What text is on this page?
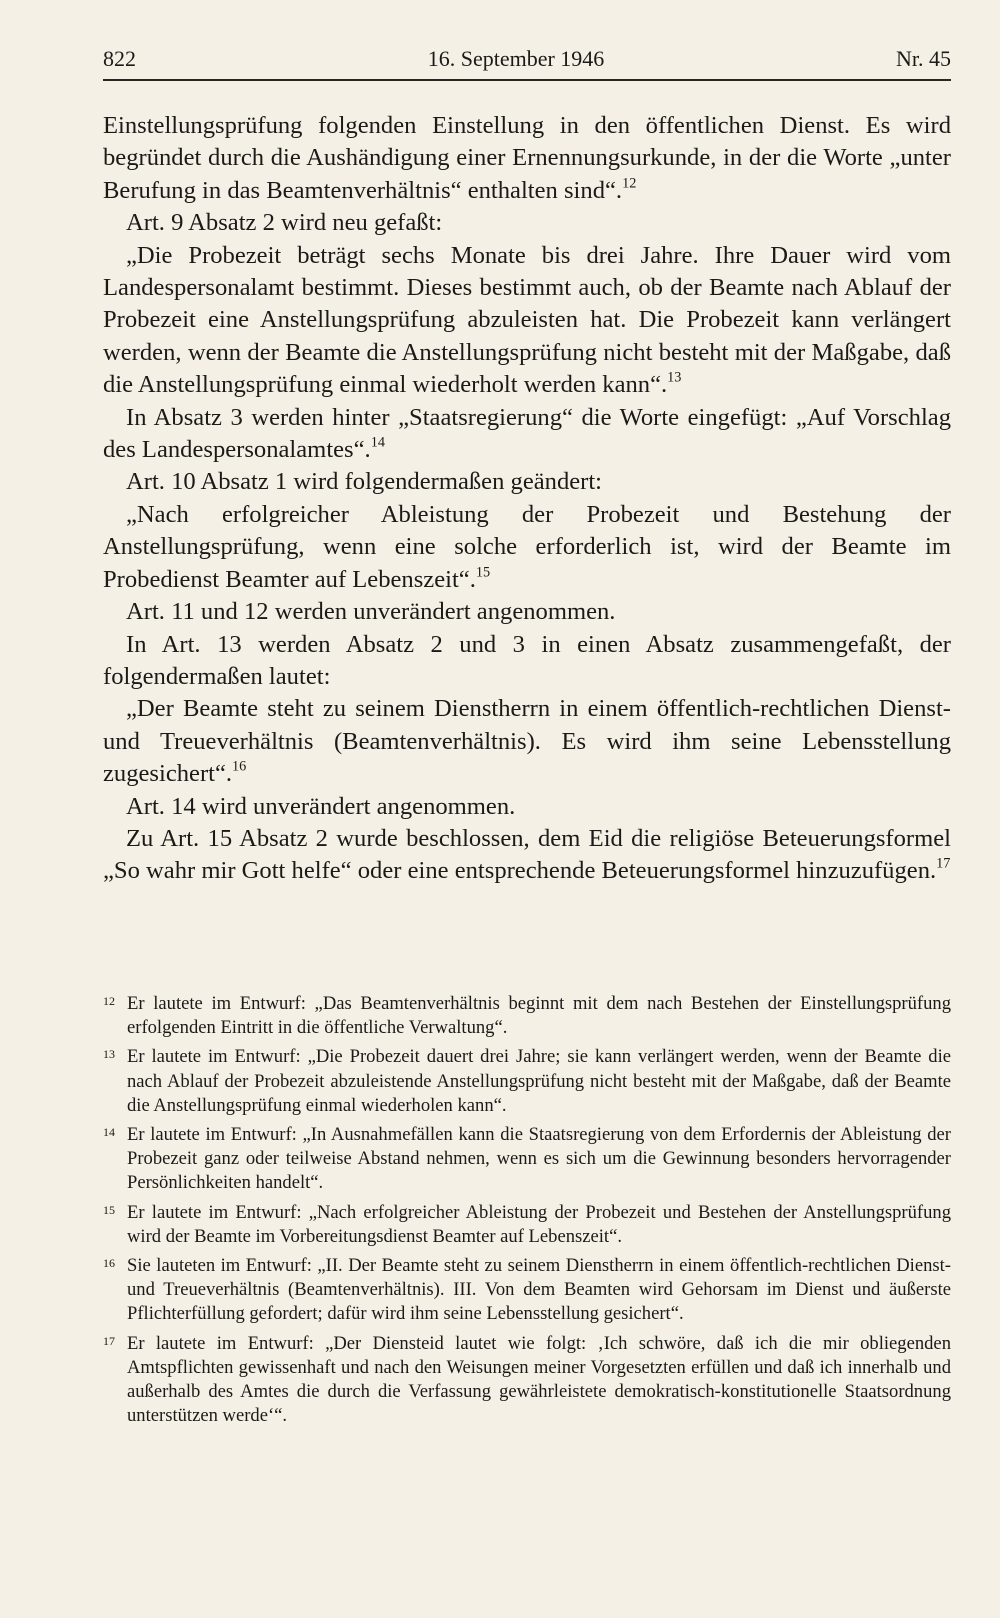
822	16. September 1946	Nr. 45

Einstellungsprüfung folgenden Einstellung in den öffentlichen Dienst. Es wird begründet durch die Aushändigung einer Ernennungsurkunde, in der die Worte „unter Berufung in das Beamtenverhältnis“ enthalten sind“.$^{12}$

Art. 9 Absatz 2 wird neu gefaßt:

„Die Probezeit beträgt sechs Monate bis drei Jahre. Ihre Dauer wird vom Landespersonalamt bestimmt. Dieses bestimmt auch, ob der Beamte nach Ablauf der Probezeit eine Anstellungsprüfung abzuleisten hat. Die Probezeit kann verlängert werden, wenn der Beamte die Anstellungsprüfung nicht besteht mit der Maßgabe, daß die Anstellungsprüfung einmal wiederholt werden kann“.$^{13}$

In Absatz 3 werden hinter „Staatsregierung“ die Worte eingefügt: „Auf Vorschlag des Landespersonalamtes“.$^{14}$

Art. 10 Absatz 1 wird folgendermaßen geändert:

„Nach erfolgreicher Ableistung der Probezeit und Bestehung der Anstellungsprüfung, wenn eine solche erforderlich ist, wird der Beamte im Probedienst Beamter auf Lebenszeit“.$^{15}$

Art. 11 und 12 werden unverändert angenommen.

In Art. 13 werden Absatz 2 und 3 in einen Absatz zusammengefaßt, der folgendermaßen lautet:

„Der Beamte steht zu seinem Dienstherrn in einem öffentlich-rechtlichen Dienst- und Treueverhältnis (Beamtenverhältnis). Es wird ihm seine Lebensstellung zugesichert“.$^{16}$

Art. 14 wird unverändert angenommen.

Zu Art. 15 Absatz 2 wurde beschlossen, dem Eid die religiöse Beteuerungsformel „So wahr mir Gott helfe“ oder eine entsprechende Beteuerungsformel hinzuzufügen.$^{17}$

12 Er lautete im Entwurf: „Das Beamtenverhältnis beginnt mit dem nach Bestehen der Einstellungsprüfung erfolgenden Eintritt in die öffentliche Verwaltung“.
13 Er lautete im Entwurf: „Die Probezeit dauert drei Jahre; sie kann verlängert werden, wenn der Beamte die nach Ablauf der Probezeit abzuleistende Anstellungsprüfung nicht besteht mit der Maßgabe, daß der Beamte die Anstellungsprüfung einmal wiederholen kann“.
14 Er lautete im Entwurf: „In Ausnahmefällen kann die Staatsregierung von dem Erfordernis der Ableistung der Probezeit ganz oder teilweise Abstand nehmen, wenn es sich um die Gewinnung besonders hervorragender Persönlichkeiten handelt“.
15 Er lautete im Entwurf: „Nach erfolgreicher Ableistung der Probezeit und Bestehen der Anstellungsprüfung wird der Beamte im Vorbereitungsdienst Beamter auf Lebenszeit“.
16 Sie lauteten im Entwurf: „II. Der Beamte steht zu seinem Dienstherrn in einem öffentlich-rechtlichen Dienst- und Treueverhältnis (Beamtenverhältnis). III. Von dem Beamten wird Gehorsam im Dienst und äußerste Pflichterfüllung gefordert; dafür wird ihm seine Lebensstellung gesichert“.
17 Er lautete im Entwurf: „Der Diensteid lautet wie folgt: ‚Ich schwöre, daß ich die mir obliegenden Amtspflichten gewissenhaft und nach den Weisungen meiner Vorgesetzten erfüllen und daß ich innerhalb und außerhalb des Amtes die durch die Verfassung gewährleistete demokratisch-konstitutionelle Staatsordnung unterstützen werde‘“.
